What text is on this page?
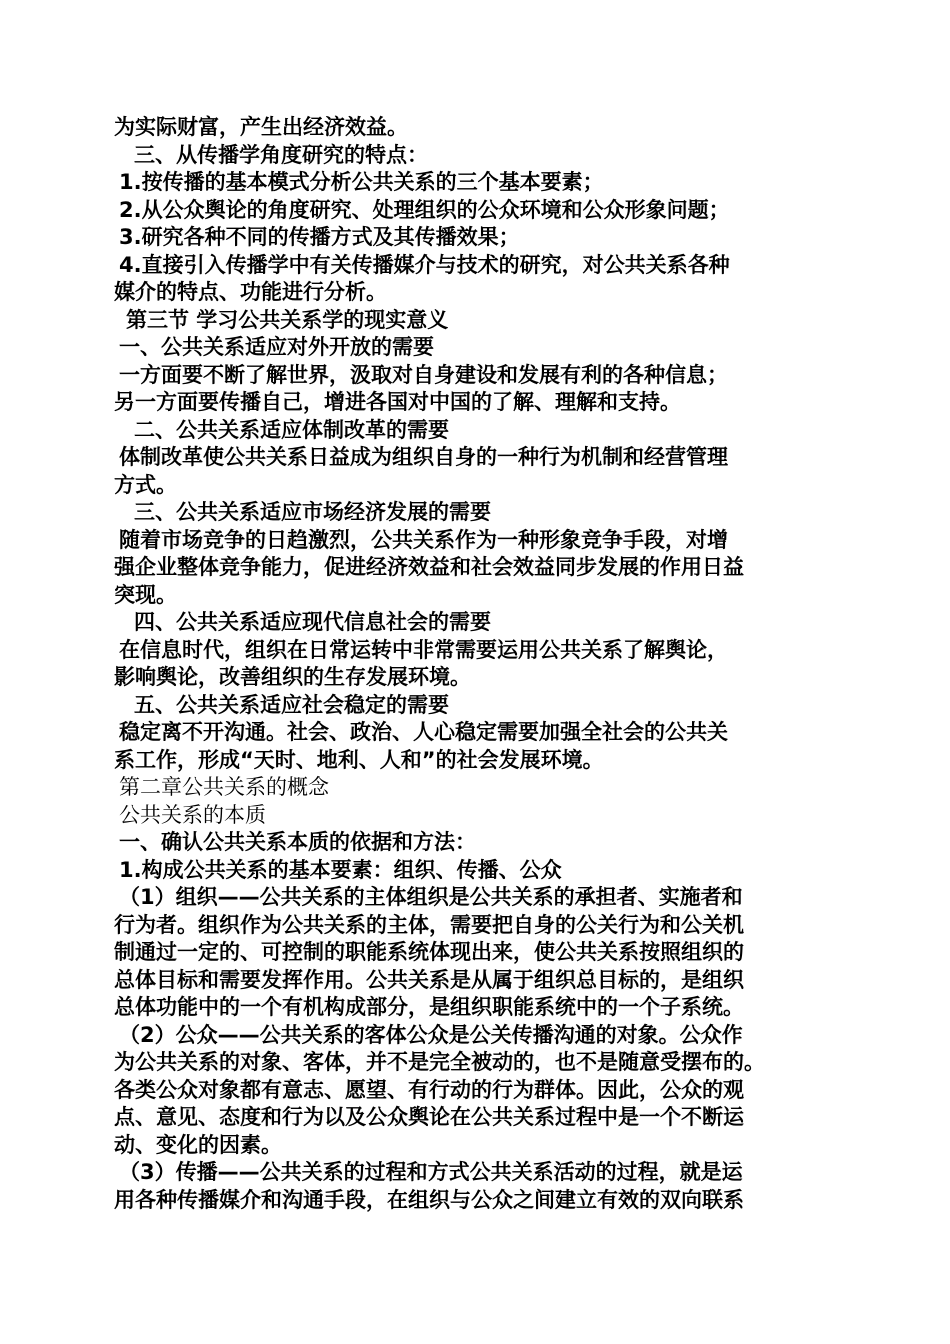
为实际财富，产生出经济效益。
三、从传播学角度研究的特点：
1.按传播的基本模式分析公共关系的三个基本要素；
2.从公众舆论的角度研究、处理组织的公众环境和公众形象问题；
3.研究各种不同的传播方式及其传播效果；
4.直接引入传播学中有关传播媒介与技术的研究，对公共关系各种
媒介的特点、功能进行分析。
第三节 学习公共关系学的现实意义
一、公共关系适应对外开放的需要
一方面要不断了解世界，汲取对自身建设和发展有利的各种信息；
另一方面要传播自己，增进各国对中国的了解、理解和支持。
二、公共关系适应体制改革的需要
体制改革使公共关系日益成为组织自身的一种行为机制和经营管理
方式。
三、公共关系适应市场经济发展的需要
随着市场竞争的日趋激烈，公共关系作为一种形象竞争手段，对增
强企业整体竞争能力，促进经济效益和社会效益同步发展的作用日益
突现。
四、公共关系适应现代信息社会的需要
在信息时代，组织在日常运转中非常需要运用公共关系了解舆论，
影响舆论，改善组织的生存发展环境。
五、公共关系适应社会稳定的需要
稳定离不开沟通。社会、政治、人心稳定需要加强全社会的公共关
系工作，形成“天时、地利、人和”的社会发展环境。
第二章公共关系的概念
公共关系的本质
一、确认公共关系本质的依据和方法：
1.构成公共关系的基本要素：组织、传播、公众
（1）组织——公共关系的主体组织是公共关系的承担者、实施者和
行为者。组织作为公共关系的主体，需要把自身的公关行为和公关机
制通过一定的、可控制的职能系统体现出来，使公共关系按照组织的
总体目标和需要发挥作用。公共关系是从属于组织总目标的，是组织
总体功能中的一个有机构成部分，是组织职能系统中的一个子系统。
（2）公众——公共关系的客体公众是公关传播沟通的对象。公众作
为公共关系的对象、客体，并不是完全被动的，也不是随意受摆布的。
各类公众对象都有意志、愿望、有行动的行为群体。因此，公众的观
点、意见、态度和行为以及公众舆论在公共关系过程中是一个不断运
动、变化的因素。
（3）传播——公共关系的过程和方式公共关系活动的过程，就是运
用各种传播媒介和沟通手段，在组织与公众之间建立有效的双向联系
